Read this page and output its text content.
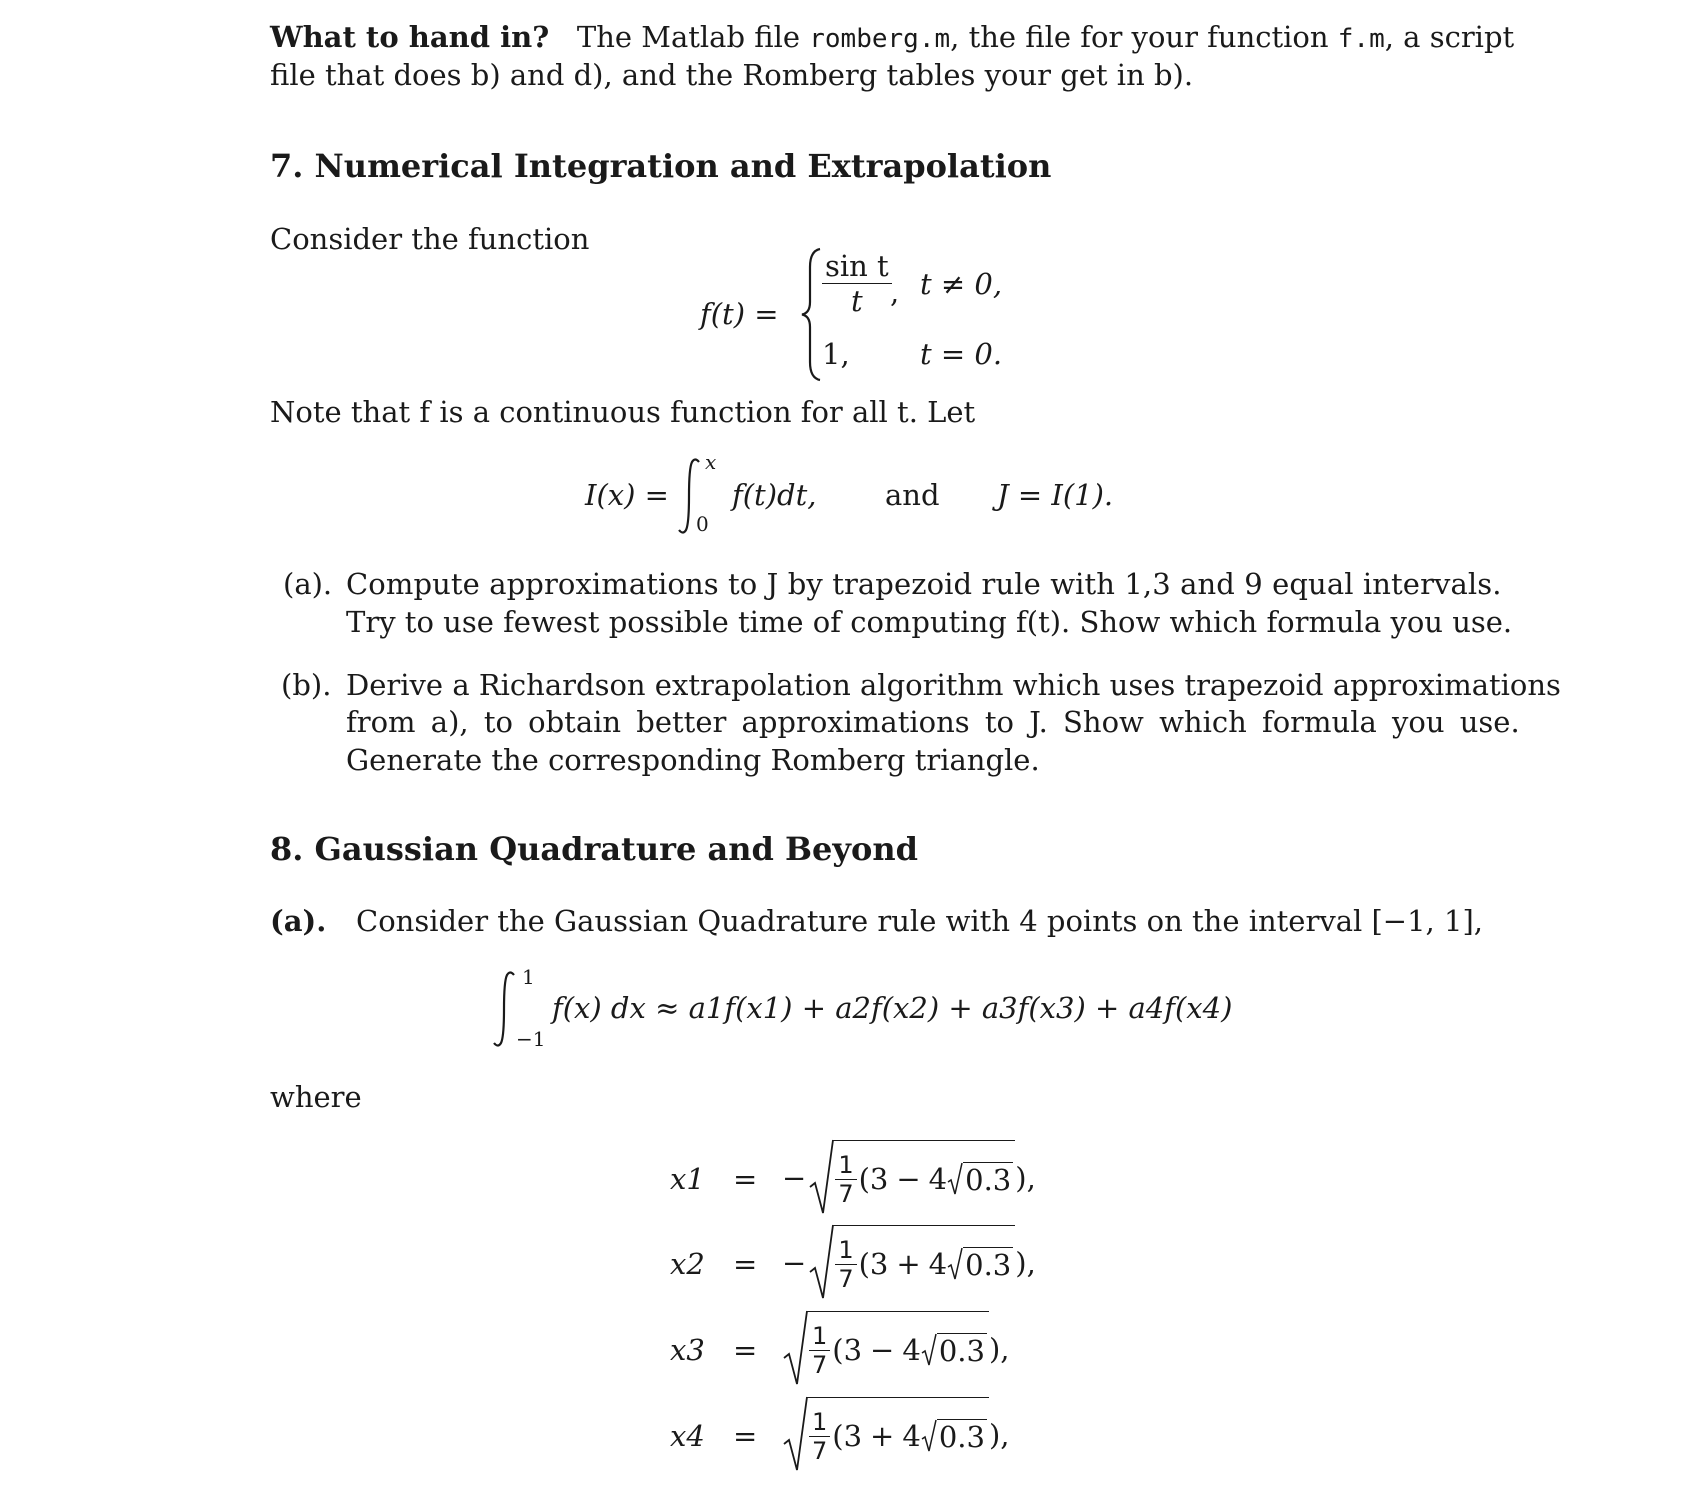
What to hand in? The Matlab file romberg.m, the file for your function f.m, a script
file that does b) and d), and the Romberg tables your get in b).
7. Numerical Integration and Extrapolation
Consider the function
$f(t) = \frac{\text{sin t}}{t}$
, t ≠ 0,
1, t = 0.
Note that f is a continuous function for all t. Let
I(x) =
x
0
f(t)dt, and J = I(1).
(a). Compute approximations to J by trapezoid rule with 1,3 and 9 equal intervals.
Try to use fewest possible time of computing f(t). Show which formula you use.
(b). Derive a Richardson extrapolation algorithm which uses trapezoid approximations
from a), to obtain better approximations to J. Show which formula you use.
Generate the corresponding Romberg triangle.
8. Gaussian Quadrature and Beyond
(a). Consider the Gaussian Quadrature rule with 4 points on the interval [−1, 1],
1
−1
f(x) dx ≈ a1f(x1) + a2f(x2) + a3f(x3) + a4f(x4)
where
x1 = − $\frac{1}{7} (3 - 4$ 0.3 ),
x2 = − $\frac{1}{7} (3 + 4$ 0.3 ),
$x3 = \frac{1}{7} (3 - 4$ 0.3 ),
$x4 = \frac{1}{7} (3 + 4$ 0.3 ),
